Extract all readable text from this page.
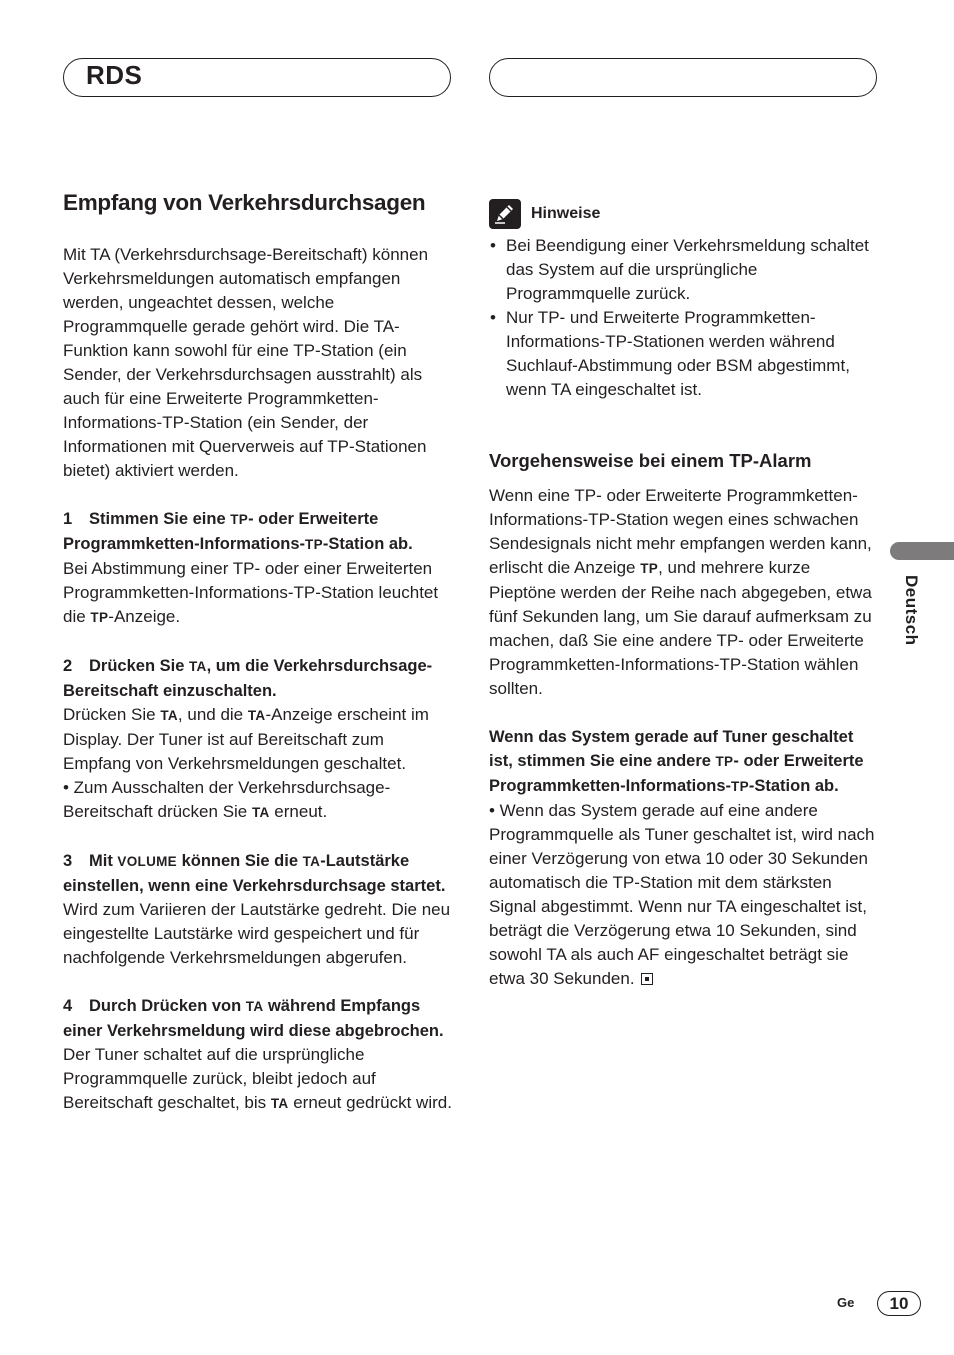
RDS
Empfang von Verkehrsdurchsagen

Mit TA (Verkehrsdurchsage-Bereitschaft) können Verkehrsmeldungen automatisch empfangen werden, ungeachtet dessen, welche Programmquelle gerade gehört wird. Die TA-Funktion kann sowohl für eine TP-Station (ein Sender, der Verkehrsdurchsagen ausstrahlt) als auch für eine Erweiterte Programmketten-Informations-TP-Station (ein Sender, der Informationen mit Querverweis auf TP-Stationen bietet) aktiviert werden.

1 Stimmen Sie eine TP- oder Erweiterte Programmketten-Informations-TP-Station ab.

Bei Abstimmung einer TP- oder einer Erweiterten Programmketten-Informations-TP-Station leuchtet die TP-Anzeige.

2 Drücken Sie TA, um die Verkehrsdurchsage-Bereitschaft einzuschalten.

Drücken Sie TA, und die TA-Anzeige erscheint im Display. Der Tuner ist auf Bereitschaft zum Empfang von Verkehrsmeldungen geschaltet.

• Zum Ausschalten der Verkehrsdurchsage-Bereitschaft drücken Sie TA erneut.

3 Mit VOLUME können Sie die TA-Lautstärke einstellen, wenn eine Verkehrsdurchsage startet.

Wird zum Variieren der Lautstärke gedreht. Die neu eingestellte Lautstärke wird gespeichert und für nachfolgende Verkehrsmeldungen abgerufen.

4 Durch Drücken von TA während Empfangs einer Verkehrsmeldung wird diese abgebrochen.

Der Tuner schaltet auf die ursprüngliche Programmquelle zurück, bleibt jedoch auf Bereitschaft geschaltet, bis TA erneut gedrückt wird.

Hinweise

• Bei Beendigung einer Verkehrsmeldung schaltet das System auf die ursprüngliche Programmquelle zurück.

• Nur TP- und Erweiterte Programmketten-Informations-TP-Stationen werden während Suchlauf-Abstimmung oder BSM abgestimmt, wenn TA eingeschaltet ist.

Vorgehensweise bei einem TP-Alarm

Wenn eine TP- oder Erweiterte Programmketten-Informations-TP-Station wegen eines schwachen Sendesignals nicht mehr empfangen werden kann, erlischt die Anzeige TP, und mehrere kurze Pieptöne werden der Reihe nach abgegeben, etwa fünf Sekunden lang, um Sie darauf aufmerksam zu machen, daß Sie eine andere TP- oder Erweiterte Programmketten-Informations-TP-Station wählen sollten.

Wenn das System gerade auf Tuner geschaltet ist, stimmen Sie eine andere TP- oder Erweiterte Programmketten-Informations-TP-Station ab.

• Wenn das System gerade auf eine andere Programmquelle als Tuner geschaltet ist, wird nach einer Verzögerung von etwa 10 oder 30 Sekunden automatisch die TP-Station mit dem stärksten Signal abgestimmt. Wenn nur TA eingeschaltet ist, beträgt die Verzögerung etwa 10 Sekunden, sind sowohl TA als auch AF eingeschaltet beträgt sie etwa 30 Sekunden.

Deutsch
Ge	10
